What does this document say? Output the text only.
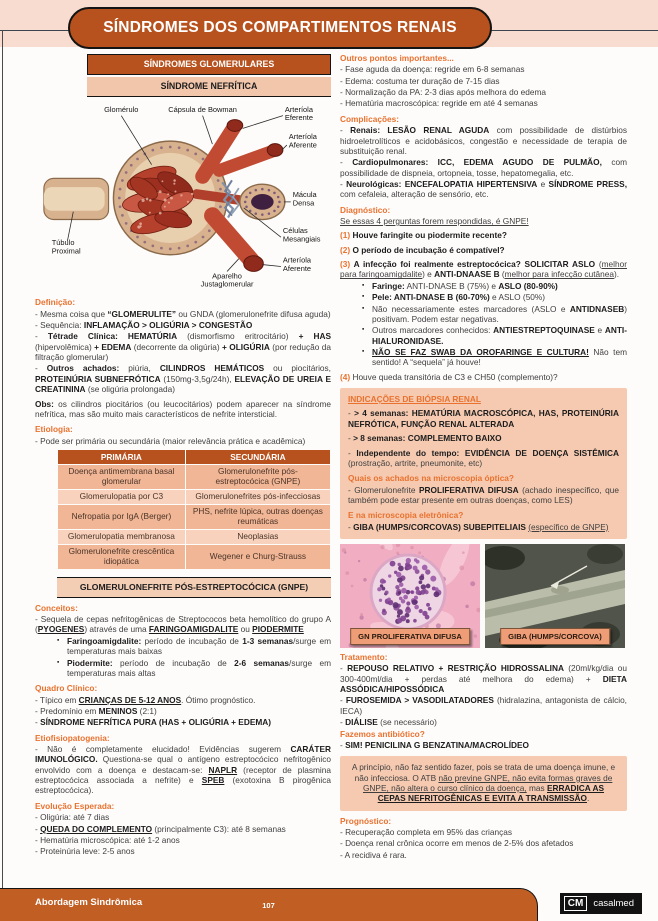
SÍNDROMES DOS COMPARTIMENTOS RENAIS
SÍNDROMES GLOMERULARES
SÍNDROME NEFRÍTICA
Glomérulo	Cápsula de Bowman	Arteríola Eferente
Arteríola Aferente
Mácula Densa
Células Mesangiais
Arteríola Aferente
Túbulo Proximal
Aparelho Justaglomerular
Definição:
- Mesma coisa que “GLOMERULITE” ou GNDA (glomerulonefrite difusa aguda)
- Sequência: INFLAMAÇÃO > OLIGÚRIA > CONGESTÃO
- Tétrade Clínica: HEMATÚRIA (dismorfismo eritrocitário) + HAS (hipervolêmica) + EDEMA (decorrente da oligúria) + OLIGÚRIA (por redução da filtração glomerular)
- Outros achados: piúria, CILINDROS HEMÁTICOS ou piocitários, PROTEINÚRIA SUBNEFRÓTICA (150mg-3,5g/24h), ELEVAÇÃO DE UREIA E CREATININA (se oligúria prolongada)
Obs: os cilindros piocitários (ou leucocitários) podem aparecer na síndrome nefrítica, mas são muito mais característicos de nefrite intersticial.
Etiologia:
- Pode ser primária ou secundária (maior relevância prática e acadêmica)
PRIMÁRIA	SECUNDÁRIA
Doença antimembrana basal glomerular	Glomerulonefrite pós-estreptocócica (GNPE)
Glomerulopatia por C3	Glomerulonefrites pós-infecciosas
Nefropatia por IgA (Berger)	PHS, nefrite lúpica, outras doenças reumáticas
Glomerulopatia membranosa	Neoplasias
Glomerulonefrite crescêntica idiopática	Wegener e Churg-Strauss
GLOMERULONEFRITE PÓS-ESTREPTOCÓCICA (GNPE)
Conceitos:
- Sequela de cepas nefritogênicas de Streptococos beta hemolítico do grupo A (PYOGENES) através de uma FARINGOAMIGDALITE ou PIODERMITE
▪ Faringoamigdalite: período de incubação de 1-3 semanas/surge em temperaturas mais baixas
▪ Piodermite: período de incubação de 2-6 semanas/surge em temperaturas mais altas
Quadro Clínico:
- Típico em CRIANÇAS DE 5-12 ANOS. Ótimo prognóstico.
- Predomínio em MENINOS (2:1)
- SÍNDROME NEFRÍTICA PURA (HAS + OLIGÚRIA + EDEMA)
Etiofisiopatogenia:
- Não é completamente elucidado! Evidências sugerem CARÁTER IMUNOLÓGICO. Questiona-se qual o antígeno estreptocócico nefritogênico envolvido com a doença e destacam-se: NAPLR (receptor de plasmina estreptocócica associada a nefrite) e SPEB (exotoxina B pirogênica estreptocócica).
Evolução Esperada:
- Oligúria: até 7 dias
- QUEDA DO COMPLEMENTO (principalmente C3): até 8 semanas
- Hematúria microscópica: até 1-2 anos
- Proteinúria leve: 2-5 anos
Outros pontos importantes...
- Fase aguda da doença: regride em 6-8 semanas
- Edema: costuma ter duração de 7-15 dias
- Normalização da PA: 2-3 dias após melhora do edema
- Hematúria macroscópica: regride em até 4 semanas
Complicações:
- Renais: LESÃO RENAL AGUDA com possibilidade de distúrbios hidroeletrolíticos e acidobásicos, congestão e necessidade de terapia de substituição renal.
- Cardiopulmonares: ICC, EDEMA AGUDO DE PULMÃO, com possibilidade de dispneia, ortopneia, tosse, hepatomegalia, etc.
- Neurológicas: ENCEFALOPATIA HIPERTENSIVA e SÍNDROME PRESS, com cefaleia, alteração de sensório, etc.
Diagnóstico:
Se essas 4 perguntas forem respondidas, é GNPE!
(1) Houve faringite ou piodermite recente?
(2) O período de incubação é compatível?
(3) A infecção foi realmente estreptocócica? SOLICITAR ASLO (melhor para faringoamigdalite) e ANTI-DNAASE B (melhor para infecção cutânea).
▪ Faringe: ANTI-DNASE B (75%) e ASLO (80-90%)
▪ Pele: ANTI-DNASE B (60-70%) e ASLO (50%)
▪ Não necessariamente estes marcadores (ASLO e ANTIDNASEB) positivam. Podem estar negativas.
▪ Outros marcadores conhecidos: ANTIESTREPTOQUINASE e ANTI-HIALURONIDASE.
▪ NÃO SE FAZ SWAB DA OROFARINGE E CULTURA! Não tem sentido! A “sequela” já houve!
(4) Houve queda transitória de C3 e CH50 (complemento)?
INDICAÇÕES DE BIÓPSIA RENAL
- > 4 semanas: HEMATÚRIA MACROSCÓPICA, HAS, PROTEINÚRIA NEFRÓTICA, FUNÇÃO RENAL ALTERADA
- > 8 semanas: COMPLEMENTO BAIXO
- Independente do tempo: EVIDÊNCIA DE DOENÇA SISTÊMICA (prostração, artrite, pneumonite, etc)
Quais os achados na microscopia óptica?
- Glomerulonefrite PROLIFERATIVA DIFUSA (achado inespecífico, que também pode estar presente em outras doenças, como LES)
E na microscopia eletrônica?
- GIBA (HUMPS/CORCOVAS) SUBEPITELIAIS (específico de GNPE)
GN PROLIFERATIVA DIFUSA	GIBA (HUMPS/CORCOVA)
Tratamento:
- REPOUSO RELATIVO + RESTRIÇÃO HIDROSSALINA (20ml/kg/dia ou 300-400ml/dia + perdas até melhora do edema) + DIETA ASSÓDICA/HIPOSSÓDICA
- FUROSEMIDA > VASODILATADORES (hidralazina, antagonista de cálcio, IECA)
- DIÁLISE (se necessário)
Fazemos antibiótico?
- SIM! PENICILINA G BENZATINA/MACROLÍDEO
A princípio, não faz sentido fazer, pois se trata de uma doença imune, e não infecciosa. O ATB não previne GNPE, não evita formas graves de GNPE, não altera o curso clínico da doença, mas ERRADICA AS CEPAS NEFRITOGÊNICAS E EVITA A TRANSMISSÃO.
Prognóstico:
- Recuperação completa em 95% das crianças
- Doença renal crônica ocorre em menos de 2-5% dos afetados
- A recidiva é rara.
Abordagem Sindrômica	107	CM	casalmed
